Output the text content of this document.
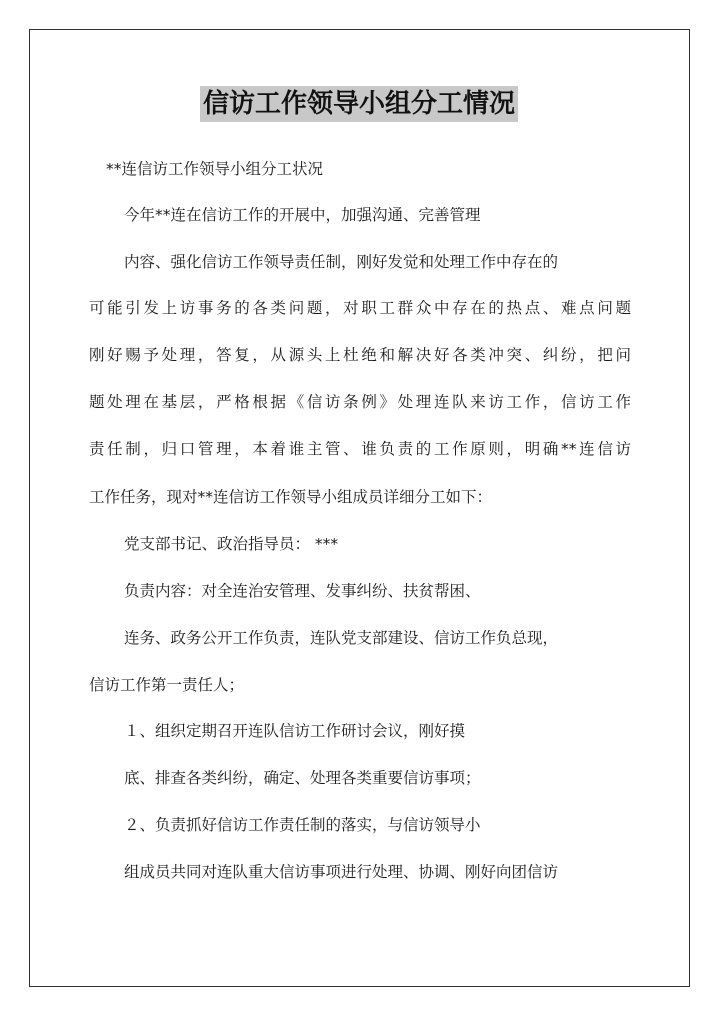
信访工作领导小组分工情况
**连信访工作领导小组分工状况
今年**连在信访工作的开展中，加强沟通、完善管理
内容、强化信访工作领导责任制，刚好发觉和处理工作中存在的
可能引发上访事务的各类问题，对职工群众中存在的热点、难点问题
刚好赐予处理，答复，从源头上杜绝和解决好各类冲突、纠纷，把问
题处理在基层，严格根据《信访条例》处理连队来访工作，信访工作
责任制，归口管理，本着谁主管、谁负责的工作原则，明确**连信访
工作任务，现对**连信访工作领导小组成员详细分工如下：
党支部书记、政治指导员： ***
负责内容：对全连治安管理、发事纠纷、扶贫帮困、
连务、政务公开工作负责，连队党支部建设、信访工作负总现，
信访工作第一责任人；
１、组织定期召开连队信访工作研讨会议，刚好摸
底、排查各类纠纷，确定、处理各类重要信访事项；
２、负责抓好信访工作责任制的落实，与信访领导小
组成员共同对连队重大信访事项进行处理、协调、刚好向团信访
